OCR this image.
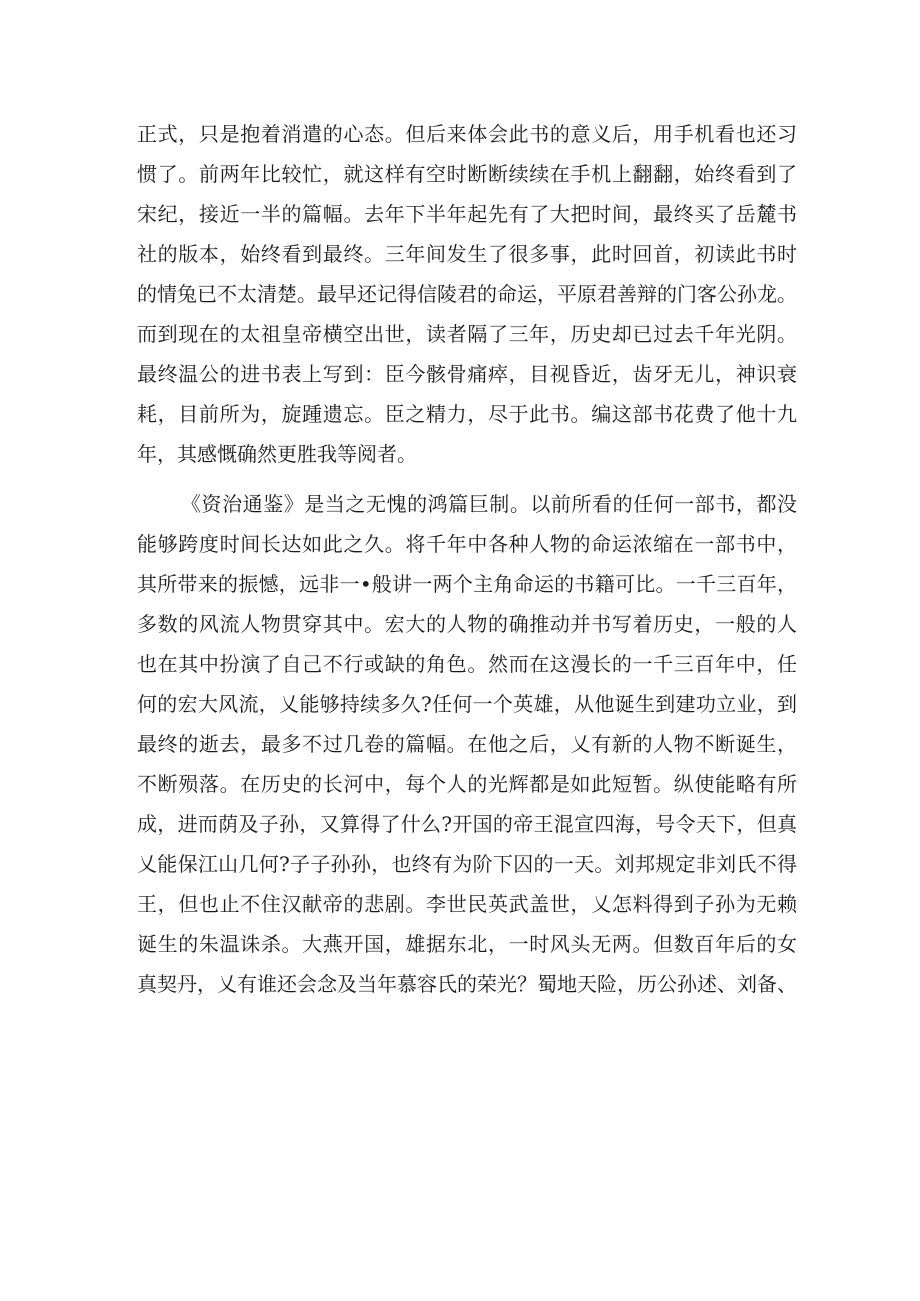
正式，只是抱着消遣的心态。但后来体会此书的意义后，用手机看也还习
惯了。前两年比较忙，就这样有空时断断续续在手机上翻翻，始终看到了
宋纪，接近一半的篇幅。去年下半年起先有了大把时间，最终买了岳麓书
社的版本，始终看到最终。三年间发生了很多事，此时回首，初读此书时
的情兔已不太清楚。最早还记得信陵君的命运，平原君善辩的门客公孙龙。
而到现在的太祖皇帝横空出世，读者隔了三年，历史却已过去千年光阴。
最终温公的进书表上写到：臣今骸骨痛瘁，目视昏近，齿牙无儿，神识衰
耗，目前所为，旋踵遗忘。臣之精力，尽于此书。编这部书花费了他十九
年，其感慨确然更胜我等阅者。
《资治通鉴》是当之无愧的鸿篇巨制。以前所看的任何一部书，都没
能够跨度时间长达如此之久。将千年中各种人物的命运浓缩在一部书中，
其所带来的振憾，远非一•般讲一两个主角命运的书籍可比。一千三百年，
多数的风流人物贯穿其中。宏大的人物的确推动并书写着历史，一般的人
也在其中扮演了自己不行或缺的角色。然而在这漫长的一千三百年中，任
何的宏大风流，乂能够持续多久?任何一个英雄，从他诞生到建功立业，到
最终的逝去，最多不过几卷的篇幅。在他之后，乂有新的人物不断诞生，
不断殒落。在历史的长河中，每个人的光辉都是如此短暂。纵使能略有所
成，进而荫及子孙，又算得了什么?开国的帝王混宣四海，号令天下，但真
乂能保江山几何?子子孙孙，也终有为阶下囚的一天。刘邦规定非刘氏不得
王，但也止不住汉献帝的悲剧。李世民英武盖世，乂怎料得到子孙为无赖
诞生的朱温诛杀。大燕开国，雄据东北，一时风头无两。但数百年后的女
真契丹，乂有谁还会念及当年慕容氏的荣光？蜀地天险，历公孙述、刘备、
